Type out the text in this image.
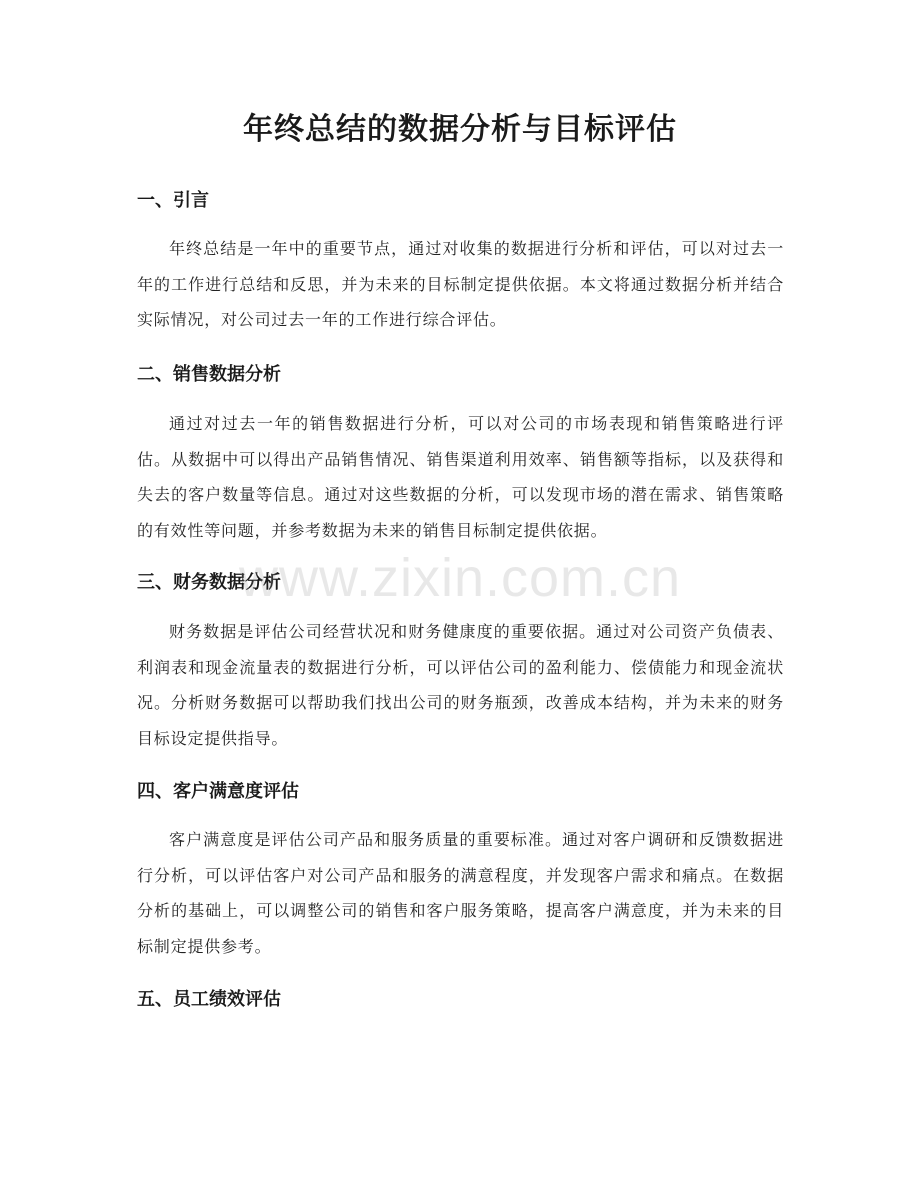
年终总结的数据分析与目标评估
一、引言

年终总结是一年中的重要节点，通过对收集的数据进行分析和评估，可以对过去一年的工作进行总结和反思，并为未来的目标制定提供依据。本文将通过数据分析并结合实际情况，对公司过去一年的工作进行综合评估。

二、销售数据分析

通过对过去一年的销售数据进行分析，可以对公司的市场表现和销售策略进行评估。从数据中可以得出产品销售情况、销售渠道利用效率、销售额等指标，以及获得和失去的客户数量等信息。通过对这些数据的分析，可以发现市场的潜在需求、销售策略的有效性等问题，并参考数据为未来的销售目标制定提供依据。

三、财务数据分析

财务数据是评估公司经营状况和财务健康度的重要依据。通过对公司资产负债表、利润表和现金流量表的数据进行分析，可以评估公司的盈利能力、偿债能力和现金流状况。分析财务数据可以帮助我们找出公司的财务瓶颈，改善成本结构，并为未来的财务目标设定提供指导。

四、客户满意度评估

客户满意度是评估公司产品和服务质量的重要标准。通过对客户调研和反馈数据进行分析，可以评估客户对公司产品和服务的满意程度，并发现客户需求和痛点。在数据分析的基础上，可以调整公司的销售和客户服务策略，提高客户满意度，并为未来的目标制定提供参考。

五、员工绩效评估
www.zixin.com.cn
